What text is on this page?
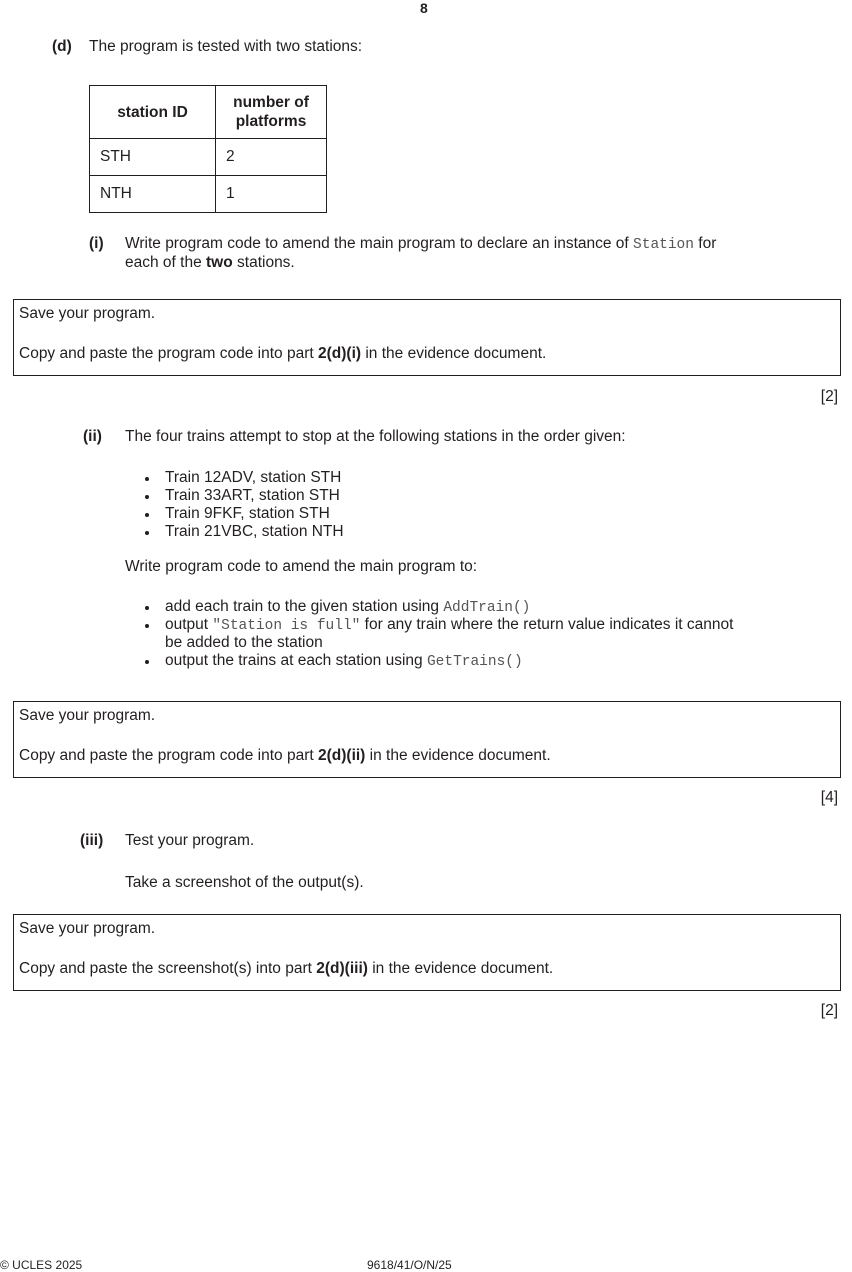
8
(d) The program is tested with two stations:
station ID	number of
platforms
STH	2
NTH	1
(i) Write program code to amend the main program to declare an instance of Station for
each of the two stations.
Save your program.
Copy and paste the program code into part 2(d)(i) in the evidence document.
[2]
(ii) The four trains attempt to stop at the following stations in the order given:
Train 12ADV, station STH
Train 33ART, station STH
Train 9FKF, station STH
Train 21VBC, station NTH
Write program code to amend the main program to:
add each train to the given station using AddTrain()
output "Station is full" for any train where the return value indicates it cannot
be added to the station
output the trains at each station using GetTrains()
Save your program.
Copy and paste the program code into part 2(d)(ii) in the evidence document.
[4]
(iii) Test your program.
Take a screenshot of the output(s).
Save your program.
Copy and paste the screenshot(s) into part 2(d)(iii) in the evidence document.
[2]
© UCLES 2025	9618/41/O/N/25
